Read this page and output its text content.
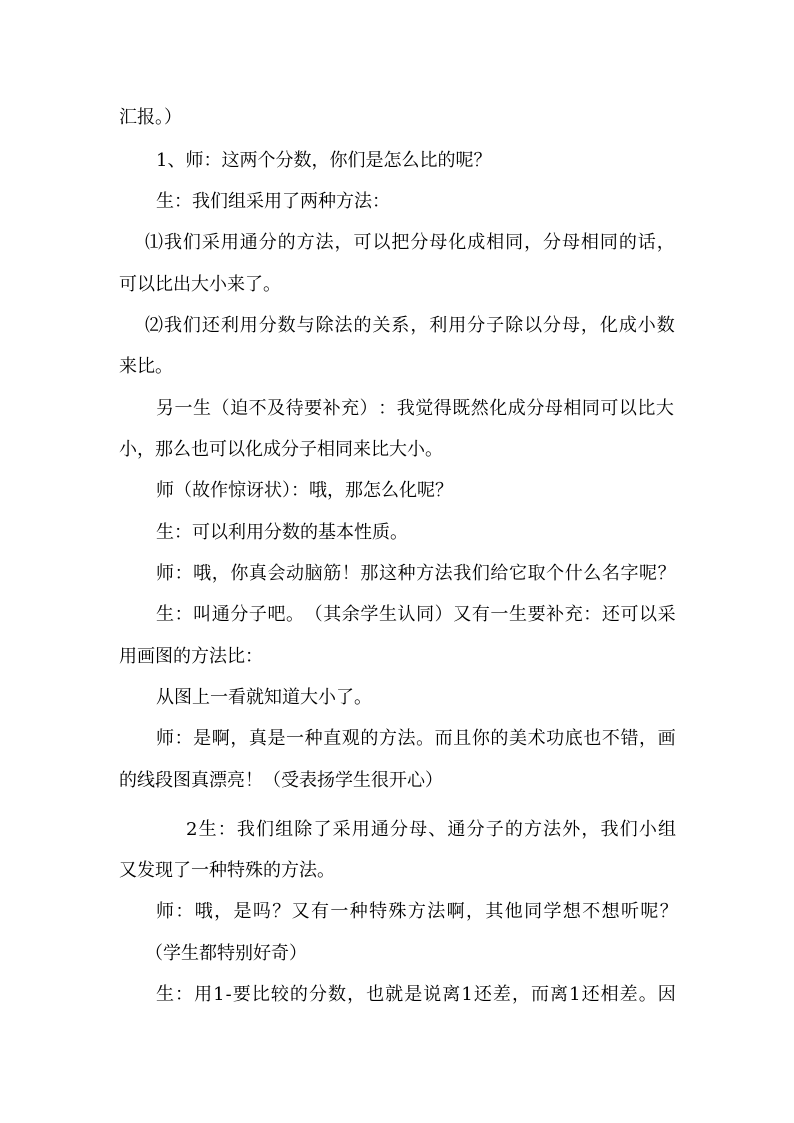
汇报。）
1、师：这两个分数，你们是怎么比的呢？
生：我们组采用了两种方法：
⑴ 我 们 采 用 通 分 的 方 法 ， 可 以 把 分 母 化 成 相 同 ， 分 母 相 同 的 话 ，
可以比出大小来了。
⑵ 我 们 还 利 用 分 数 与 除 法 的 关 系 ， 利 用 分 子 除 以 分 母 ， 化 成 小 数
来比。
另 一 生 （ 迫 不 及 待 要 补 充 ） ： 我 觉 得 既 然 化 成 分 母 相 同 可 以 比 大
小，那么也可以化成分子相同来比大小。
师（故作惊讶状）：哦，那怎么化呢？
生：可以利用分数的基本性质。
师 ： 哦 ， 你 真 会 动 脑 筋 ！ 那 这 种 方 法 我 们 给 它 取 个 什 么 名 字 呢 ？
生 ： 叫 通 分 子 吧 。 （ 其 余 学 生 认 同 ） 又 有 一 生 要 补 充 ： 还 可 以 采
用画图的方法比：
从图上一看就知道大小了。
师 ： 是 啊 ， 真 是 一 种 直 观 的 方 法 。 而 且 你 的 美 术 功 底 也 不 错 ， 画
的线段图真漂亮！（受表扬学生很开心）
2 生 ： 我 们 组 除 了 采 用 通 分 母 、 通 分 子 的 方 法 外 ， 我 们 小 组
又发现了一种特殊的方法。
师 ： 哦 ， 是 吗 ？ 又 有 一 种 特 殊 方 法 啊 ， 其 他 同 学 想 不 想 听 呢 ？
（学生都特别好奇）
生 ： 用 1 - 要 比 较 的 分 数 ， 也 就 是 说 离 1 还 差 ， 而 离 1 还 相 差 。 因
